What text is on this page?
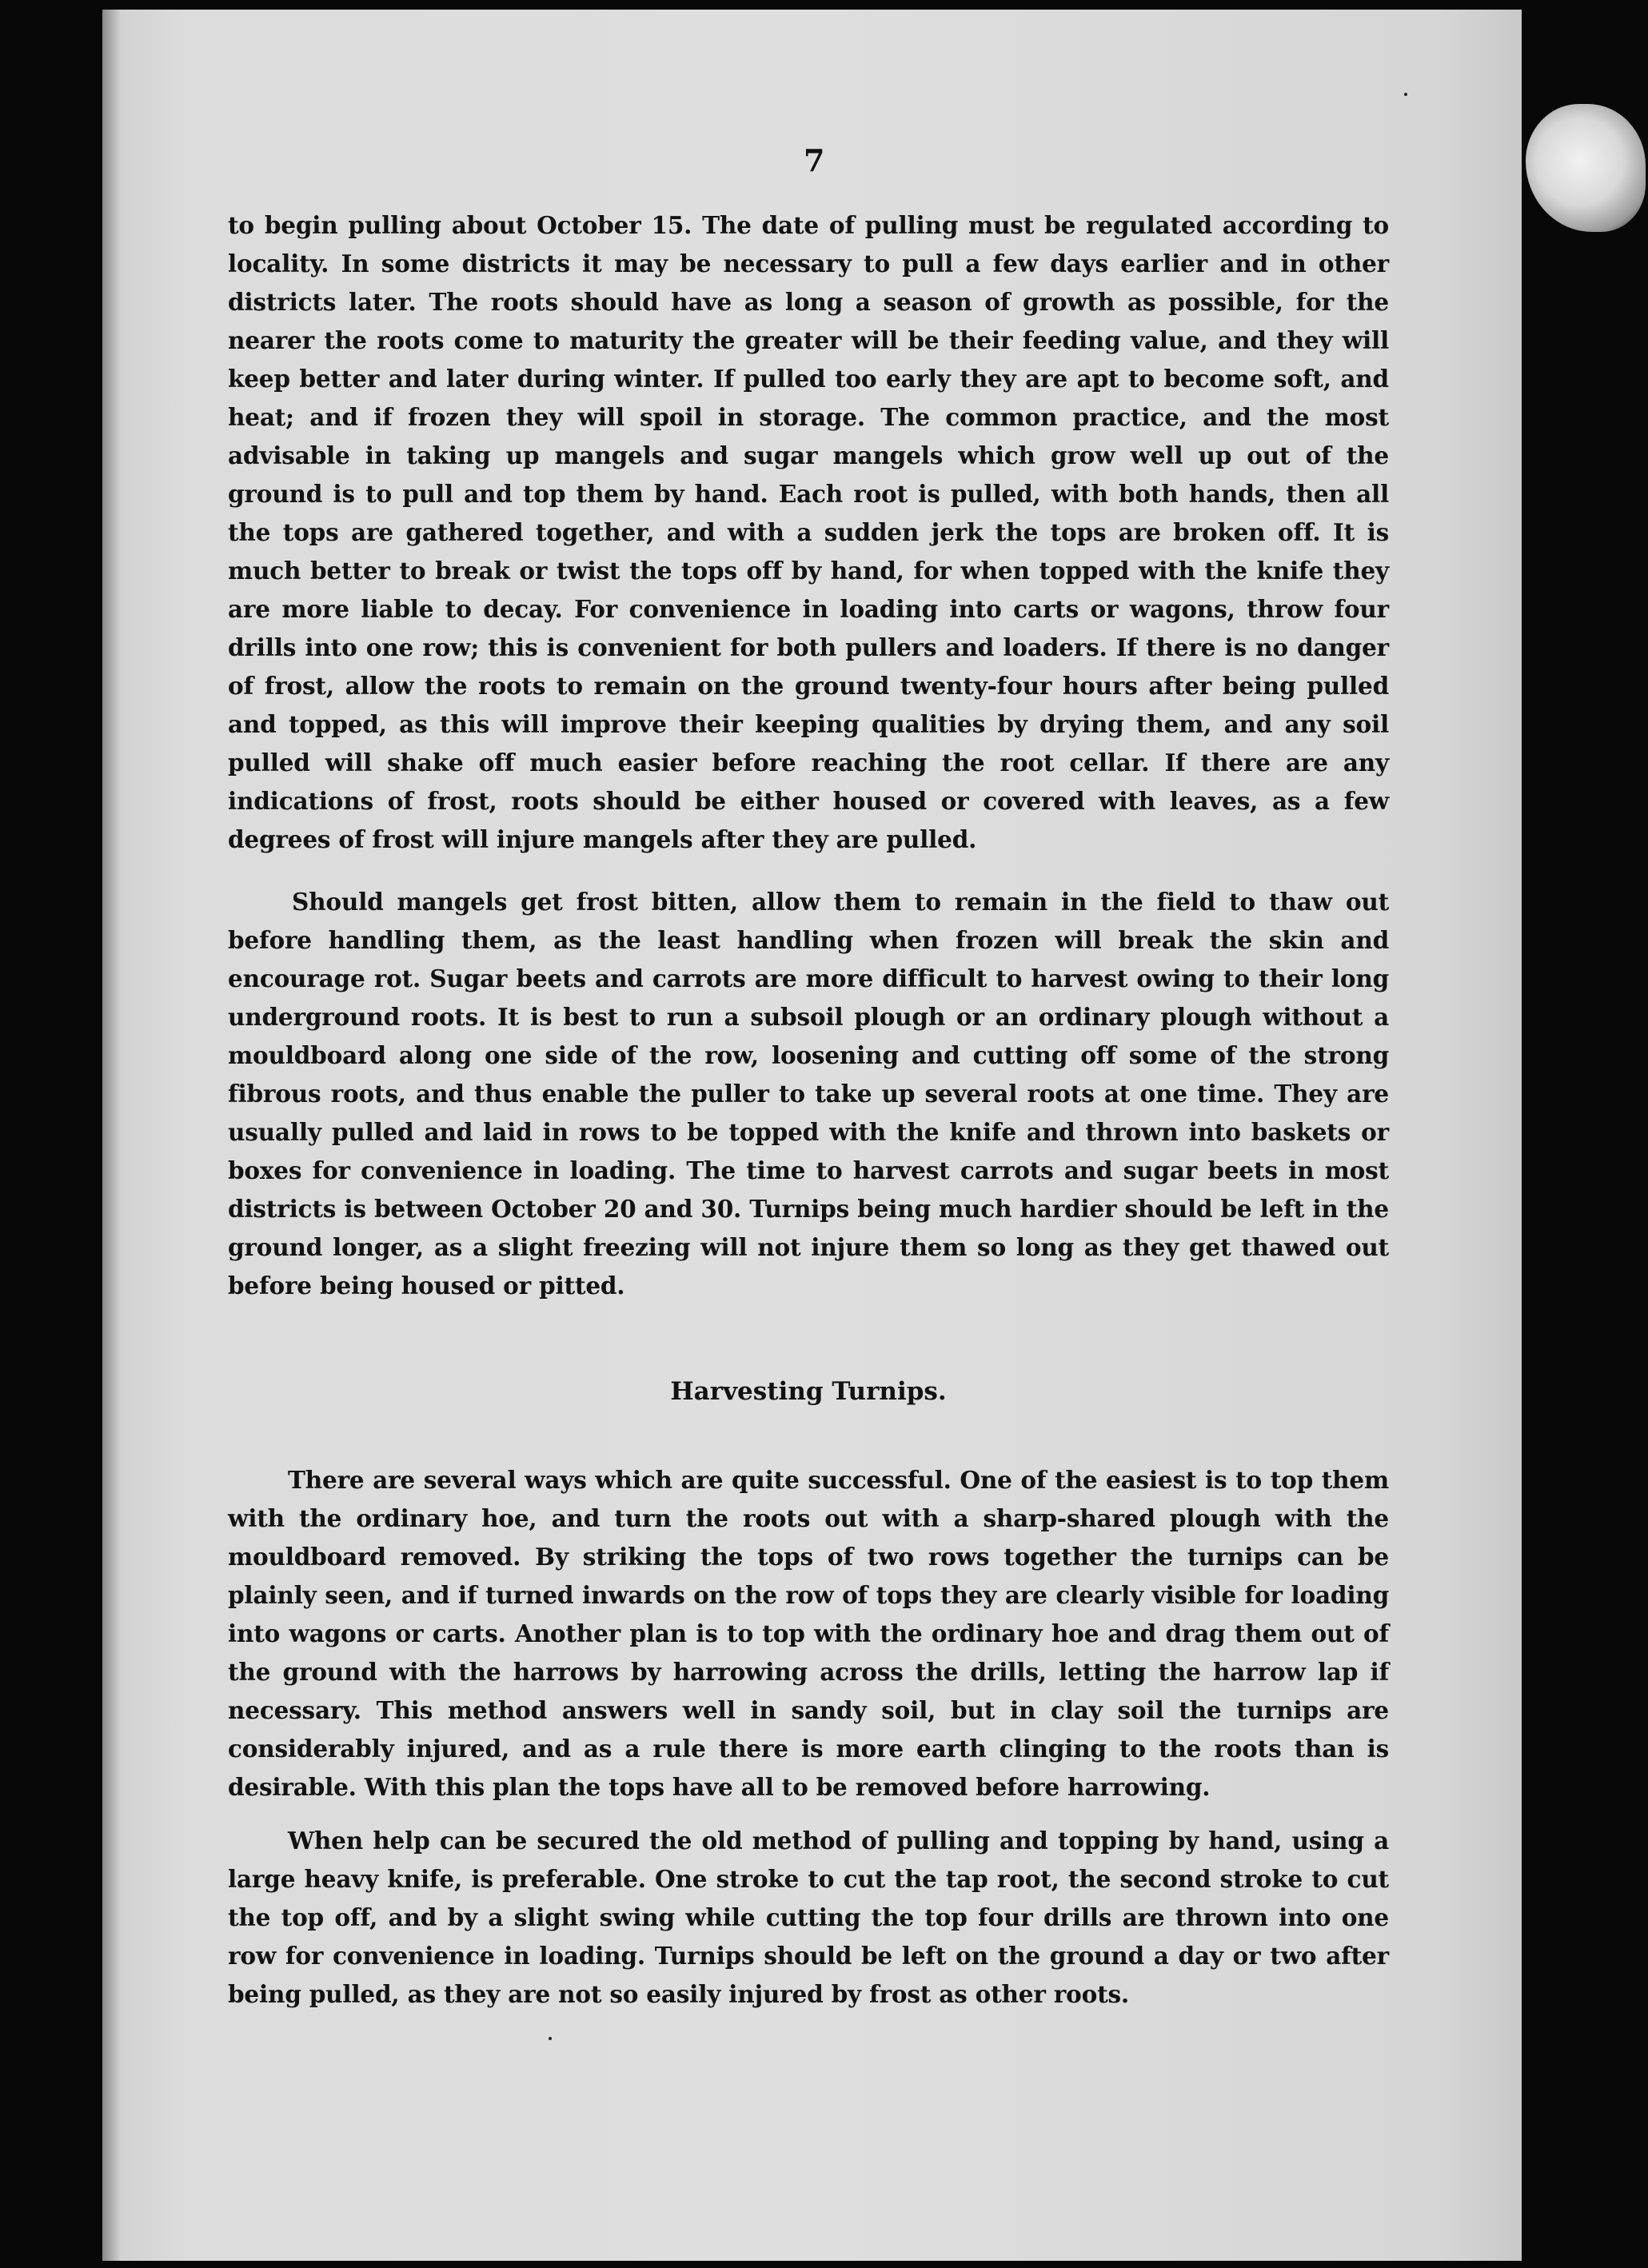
7

to begin pulling about October 15. The date of pulling must be regulated according to locality. In some districts it may be necessary to pull a few days earlier and in other districts later. The roots should have as long a season of growth as possible, for the nearer the roots come to maturity the greater will be their feeding value, and they will keep better and later during winter. If pulled too early they are apt to become soft, and heat; and if frozen they will spoil in storage. The common practice, and the most advisable in taking up mangels and sugar mangels which grow well up out of the ground is to pull and top them by hand. Each root is pulled, with both hands, then all the tops are gathered together, and with a sudden jerk the tops are broken off. It is much better to break or twist the tops off by hand, for when topped with the knife they are more liable to decay. For convenience in loading into carts or wagons, throw four drills into one row; this is convenient for both pullers and loaders. If there is no danger of frost, allow the roots to remain on the ground twenty-four hours after being pulled and topped, as this will improve their keeping qualities by drying them, and any soil pulled will shake off much easier before reaching the root cellar. If there are any indications of frost, roots should be either housed or covered with leaves, as a few degrees of frost will injure mangels after they are pulled.

Should mangels get frost bitten, allow them to remain in the field to thaw out before handling them, as the least handling when frozen will break the skin and encourage rot. Sugar beets and carrots are more difficult to harvest owing to their long underground roots. It is best to run a subsoil plough or an ordinary plough without a mouldboard along one side of the row, loosening and cutting off some of the strong fibrous roots, and thus enable the puller to take up several roots at one time. They are usually pulled and laid in rows to be topped with the knife and thrown into baskets or boxes for convenience in loading. The time to harvest carrots and sugar beets in most districts is between October 20 and 30. Turnips being much hardier should be left in the ground longer, as a slight freezing will not injure them so long as they get thawed out before being housed or pitted.

Harvesting Turnips.

There are several ways which are quite successful. One of the easiest is to top them with the ordinary hoe, and turn the roots out with a sharp-shared plough with the mouldboard removed. By striking the tops of two rows together the turnips can be plainly seen, and if turned inwards on the row of tops they are clearly visible for loading into wagons or carts. Another plan is to top with the ordinary hoe and drag them out of the ground with the harrows by harrowing across the drills, letting the harrow lap if necessary. This method answers well in sandy soil, but in clay soil the turnips are considerably injured, and as a rule there is more earth clinging to the roots than is desirable. With this plan the tops have all to be removed before harrowing.

When help can be secured the old method of pulling and topping by hand, using a large heavy knife, is preferable. One stroke to cut the tap root, the second stroke to cut the top off, and by a slight swing while cutting the top four drills are thrown into one row for convenience in loading. Turnips should be left on the ground a day or two after being pulled, as they are not so easily injured by frost as other roots.
